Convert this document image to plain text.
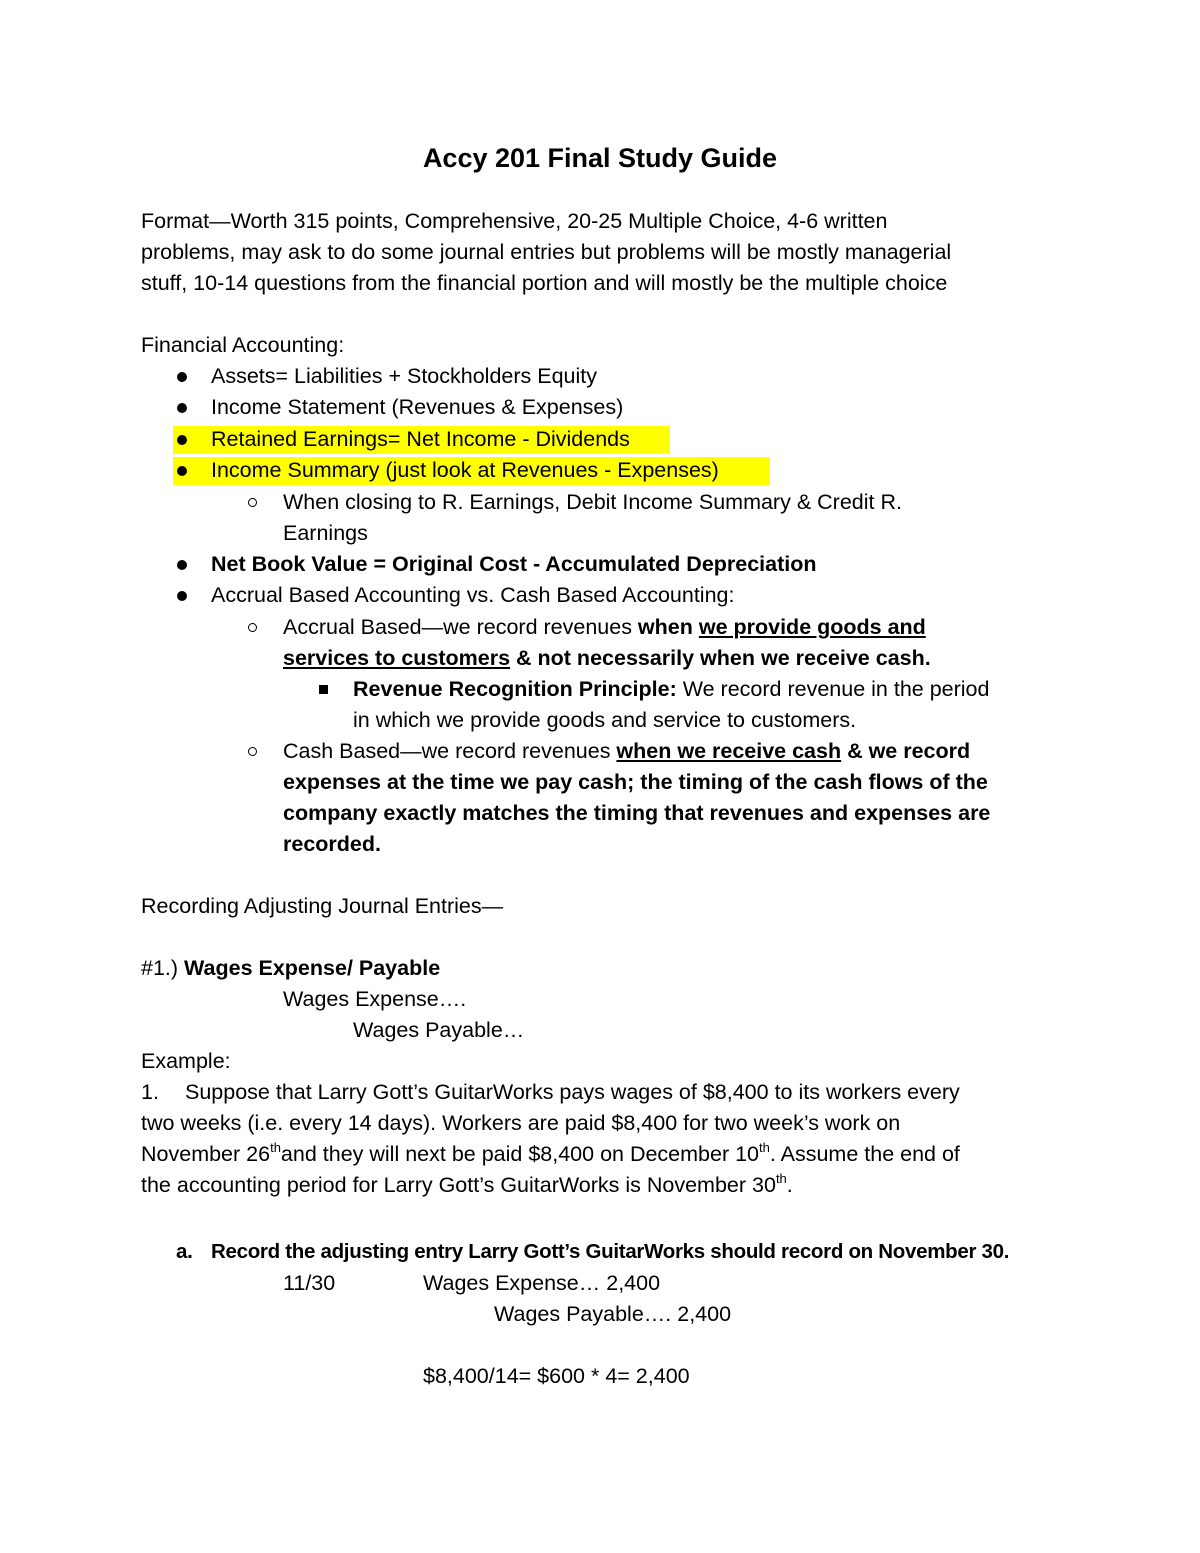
Accy 201 Final Study Guide
Format—Worth 315 points, Comprehensive, 20-25 Multiple Choice, 4-6 written
problems, may ask to do some journal entries but problems will be mostly managerial
stuff, 10-14 questions from the financial portion and will mostly be the multiple choice
Financial Accounting:
Assets= Liabilities + Stockholders Equity
Income Statement (Revenues & Expenses)
Retained Earnings= Net Income - Dividends
Income Summary (just look at Revenues - Expenses)
When closing to R. Earnings, Debit Income Summary & Credit R.
Earnings
Net Book Value = Original Cost - Accumulated Depreciation
Accrual Based Accounting vs. Cash Based Accounting:
Accrual Based—we record revenues when we provide goods and
services to customers & not necessarily when we receive cash.
Revenue Recognition Principle: We record revenue in the period
in which we provide goods and service to customers.
Cash Based—we record revenues when we receive cash & we record
expenses at the time we pay cash; the timing of the cash flows of the
company exactly matches the timing that revenues and expenses are
recorded.
Recording Adjusting Journal Entries—
#1.) Wages Expense/ Payable
Wages Expense….
Wages Payable…
Example:
1. Suppose that Larry Gott’s GuitarWorks pays wages of $8,400 to its workers every
two weeks (i.e. every 14 days). Workers are paid $8,400 for two week’s work on
November 26thand they will next be paid $8,400 on December 10th. Assume the end of
the accounting period for Larry Gott’s GuitarWorks is November 30th.
a. Record the adjusting entry Larry Gott’s GuitarWorks should record on November 30.
11/30	Wages Expense… 2,400
Wages Payable…. 2,400
$8,400/14= $600 * 4= 2,400
